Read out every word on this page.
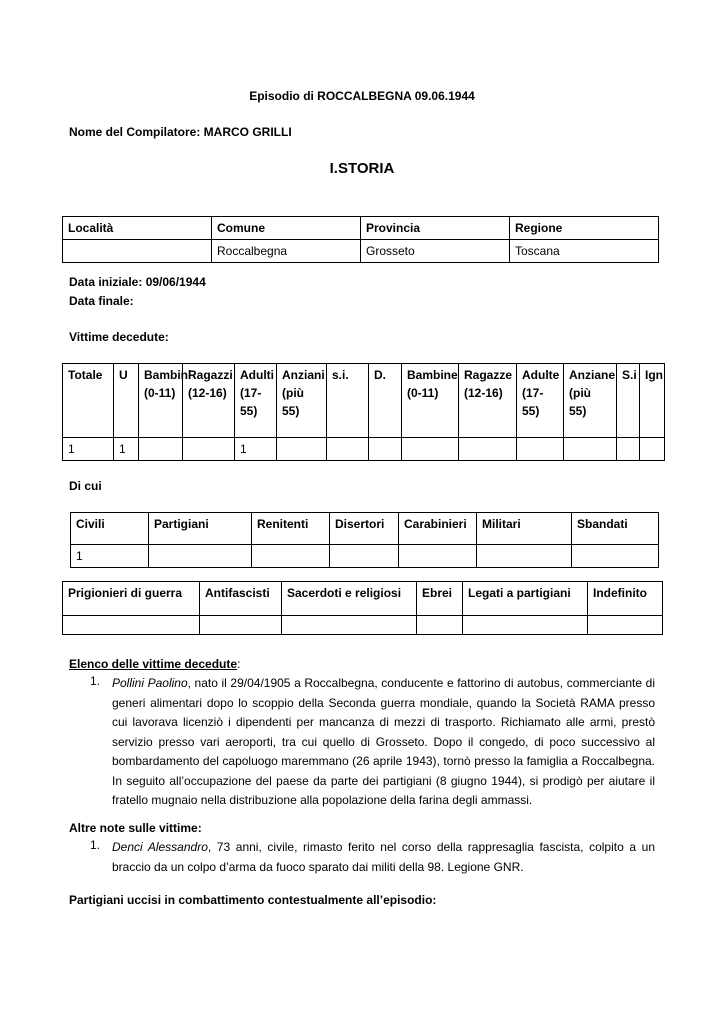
Episodio di ROCCALBEGNA 09.06.1944
Nome del Compilatore: MARCO GRILLI
I.STORIA
Località	Comune	Provincia	Regione
	Roccalbegna	Grosseto	Toscana
Data iniziale: 09/06/1944
Data finale:
Vittime decedute:
Totale	U	Bambini (0-11)	Ragazzi (12-16)	Adulti (17-55)	Anziani (più 55)	s.i.	D.	Bambine (0-11)	Ragazze (12-16)	Adulte (17-55)	Anziane (più 55)	S.i	Ign
1	1			1									
Di cui
Civili	Partigiani	Renitenti	Disertori	Carabinieri	Militari	Sbandati
1						
Prigionieri di guerra	Antifascisti	Sacerdoti e religiosi	Ebrei	Legati a partigiani	Indefinito

Elenco delle vittime decedute:
1. Pollini Paolino, nato il 29/04/1905 a Roccalbegna, conducente e fattorino di autobus, commerciante di generi alimentari dopo lo scoppio della Seconda guerra mondiale, quando la Società RAMA presso cui lavorava licenziò i dipendenti per mancanza di mezzi di trasporto. Richiamato alle armi, prestò servizio presso vari aeroporti, tra cui quello di Grosseto. Dopo il congedo, di poco successivo al bombardamento del capoluogo maremmano (26 aprile 1943), tornò presso la famiglia a Roccalbegna. In seguito all’occupazione del paese da parte dei partigiani (8 giugno 1944), si prodigò per aiutare il fratello mugnaio nella distribuzione alla popolazione della farina degli ammassi.
Altre note sulle vittime:
1. Denci Alessandro, 73 anni, civile, rimasto ferito nel corso della rappresaglia fascista, colpito a un braccio da un colpo d’arma da fuoco sparato dai militi della 98. Legione GNR.
Partigiani uccisi in combattimento contestualmente all’episodio:
